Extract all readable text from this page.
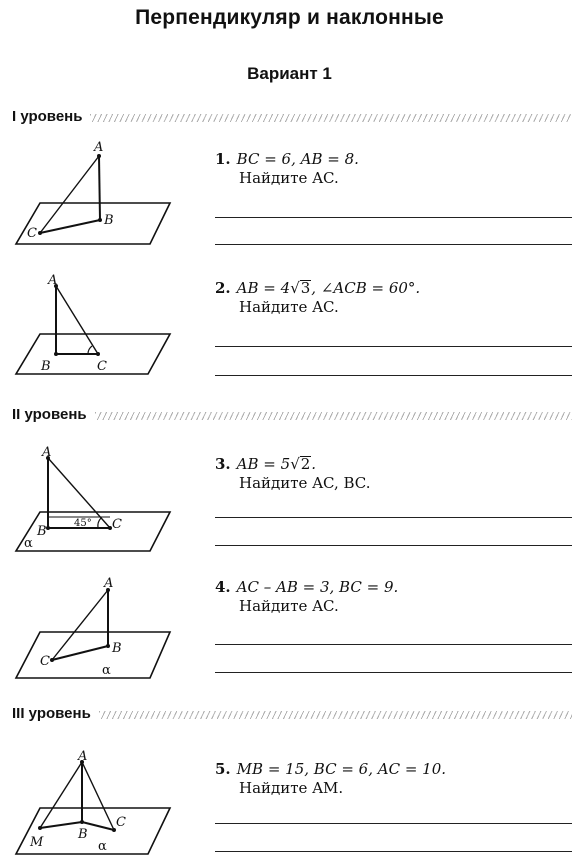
Перпендикуляр и наклонные
Вариант 1
I уровень
A
B
C
1. BC = 6, AB = 8.
Найдите AC.
A
B	C
2. AB = 4√3, ∠ACB = 60°.
Найдите AC.
II уровень
A
B	C
45°
α
3. AB = 5√2.
Найдите AC, BC.
A
B
C
α
4. AC – AB = 3, BC = 9.
Найдите AC.
III уровень
A
B
C
M	α
5. MB = 15, BC = 6, AC = 10.
Найдите AM.
